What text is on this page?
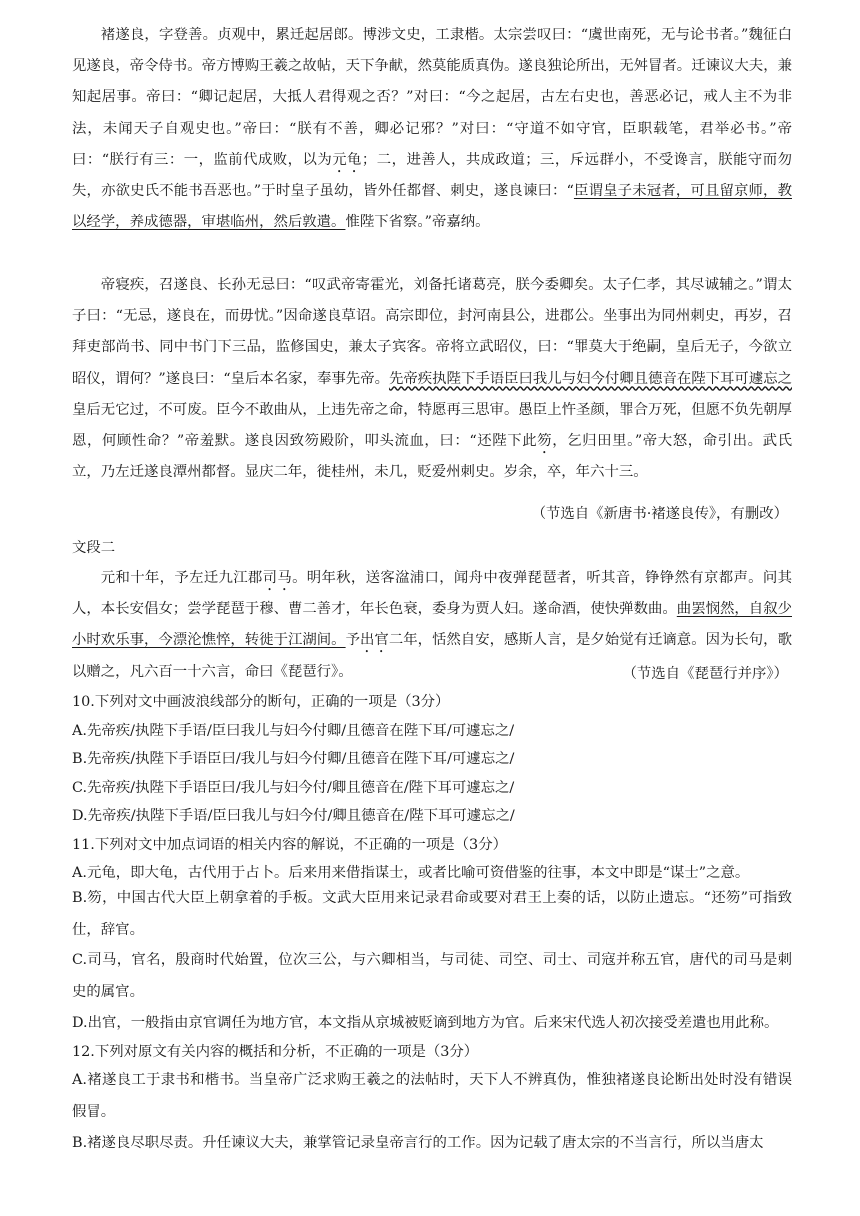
褚遂良，字登善。贞观中，累迁起居郎。博涉文史，工隶楷。太宗尝叹曰：“虞世南死，无与论书者。”魏征白见遂良，帝令侍书。帝方博购王羲之故帖，天下争献，然莫能质真伪。遂良独论所出，无舛冒者。迁谏议大夫，兼知起居事。帝曰：“卿记起居，大抵人君得观之否？”对曰：“今之起居，古左右史也，善恶必记，戒人主不为非法，未闻天子自观史也。”帝曰：“朕有不善，卿必记邪？”对曰：“守道不如守官，臣职载笔，君举必书。”帝曰：“朕行有三：一，监前代成败，以为元龟；二，进善人，共成政道；三，斥远群小，不受谗言，朕能守而勿失，亦欲史氏不能书吾恶也。”于时皇子虽幼，皆外任都督、刺史，遂良谏曰：“臣谓皇子未冠者，可且留京师，教以经学，养成德器，审堪临州，然后敦遣。惟陛下省察。”帝嘉纳。

帝寝疾，召遂良、长孙无忌曰：“叹武帝寄霍光，刘备托诸葛亮，朕今委卿矣。太子仁孝，其尽诚辅之。”谓太子曰：“无忌，遂良在，而毋忧。”因命遂良草诏。高宗即位，封河南县公，进郡公。坐事出为同州刺史，再岁，召拜吏部尚书、同中书门下三品，监修国史，兼太子宾客。帝将立武昭仪，曰：“罪莫大于绝嗣，皇后无子，今欲立昭仪，谓何？”遂良曰：“皇后本名家，奉事先帝。先帝疾执陛下手语臣曰我儿与妇今付卿且德音在陛下耳可遽忘之皇后无它过，不可废。臣今不敢曲从，上违先帝之命，特愿再三思审。愚臣上忤圣颜，罪合万死，但愿不负先朝厚恩，何顾性命？”帝羞默。遂良因致笏殿阶，叩头流血，曰：“还陛下此笏，乞归田里。”帝大怒，命引出。武氏立，乃左迁遂良潭州都督。显庆二年，徙桂州，未几，贬爱州刺史。岁余，卒，年六十三。

（节选自《新唐书·褚遂良传》，有删改）

文段二

元和十年，予左迁九江郡司马。明年秋，送客湓浦口，闻舟中夜弹琵琶者，听其音，铮铮然有京都声。问其人，本长安倡女；尝学琵琶于穆、曹二善才，年长色衰，委身为贾人妇。遂命酒，使快弹数曲。曲罢悯然，自叙少小时欢乐事，今漂沦憔悴，转徙于江湖间。予出官二年，恬然自安，感斯人言，是夕始觉有迁谪意。因为长句，歌以赠之，凡六百一十六言，命曰《琵琶行》。	（节选自《琵琶行并序》）

10.下列对文中画波浪线部分的断句，正确的一项是（3分）

A.先帝疾/执陛下手语/臣曰我儿与妇今付卿/且德音在陛下耳/可遽忘之/

B.先帝疾/执陛下手语臣曰/我儿与妇今付卿/且德音在陛下耳/可遽忘之/

C.先帝疾/执陛下手语臣曰/我儿与妇今付/卿且德音在/陛下耳可遽忘之/

D.先帝疾/执陛下手语/臣曰我儿与妇今付/卿且德音在/陛下耳可遽忘之/

11.下列对文中加点词语的相关内容的解说，不正确的一项是（3分）

A.元龟，即大龟，古代用于占卜。后来用来借指谋士，或者比喻可资借鉴的往事，本文中即是“谋士”之意。

B.笏，中国古代大臣上朝拿着的手板。文武大臣用来记录君命或要对君王上奏的话，以防止遗忘。“还笏”可指致仕，辞官。

C.司马，官名，殷商时代始置，位次三公，与六卿相当，与司徒、司空、司士、司寇并称五官，唐代的司马是刺史的属官。

D.出官，一般指由京官调任为地方官，本文指从京城被贬谪到地方为官。后来宋代选人初次接受差遣也用此称。

12.下列对原文有关内容的概括和分析，不正确的一项是（3分）

A.褚遂良工于隶书和楷书。当皇帝广泛求购王羲之的法帖时，天下人不辨真伪，惟独褚遂良论断出处时没有错误假冒。

B.褚遂良尽职尽责。升任谏议大夫，兼掌管记录皇帝言行的工作。因为记载了唐太宗的不当言行，所以当唐太
